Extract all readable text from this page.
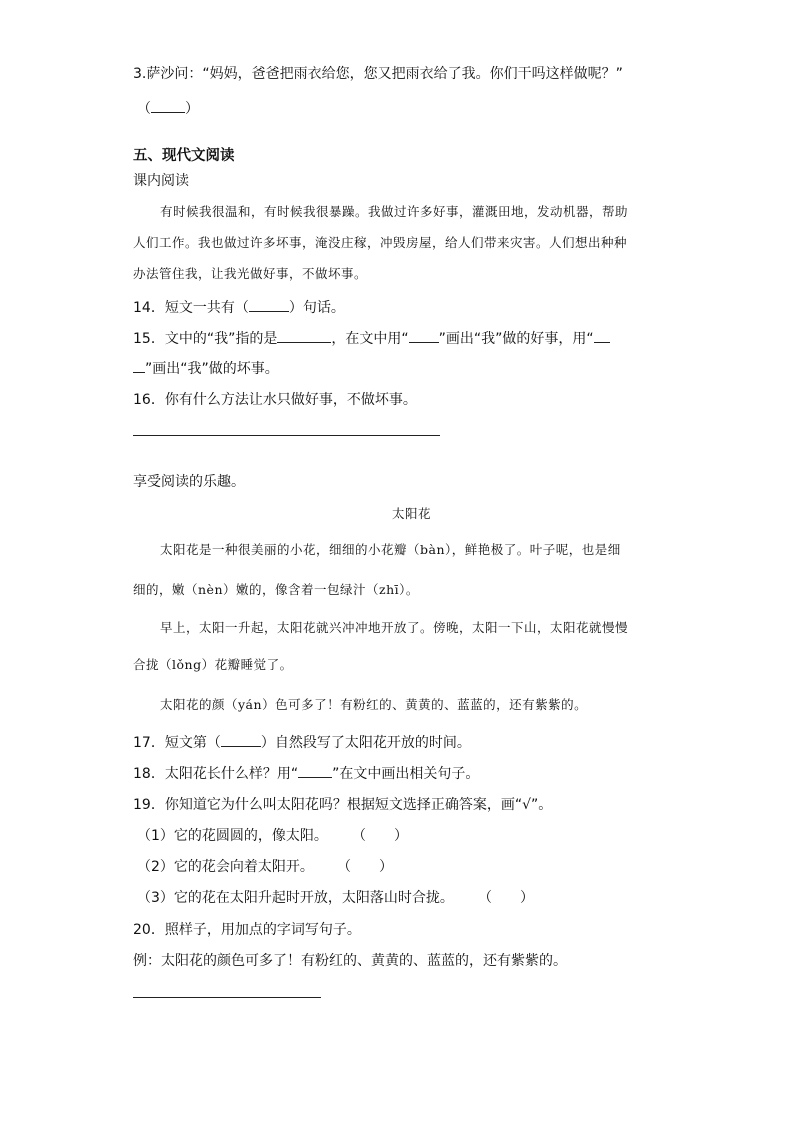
3.萨沙问：“妈妈，爸爸把雨衣给您，您又把雨衣给了我。你们干吗这样做呢？”
（ ）
五、现代文阅读
课内阅读
有时候我很温和，有时候我很暴躁。我做过许多好事，灌溉田地，发动机器，帮助
人们工作。我也做过许多坏事，淹没庄稼，冲毁房屋，给人们带来灾害。人们想出种种
办法管住我，让我光做好事，不做坏事。
14．短文一共有（	）句话。
15．文中的“我”指的是	，在文中用“ ”画出“我”做的好事，用“
”画出“我”做的坏事。
16．你有什么方法让水只做好事，不做坏事。
享受阅读的乐趣。
太阳花
太阳花是一种很美丽的小花，细细的小花瓣（bàn），鲜艳极了。叶子呢，也是细
细的，嫩（nèn）嫩的，像含着一包绿汁（zhī）。
早上，太阳一升起，太阳花就兴冲冲地开放了。傍晚，太阳一下山，太阳花就慢慢
合拢（lǒng）花瓣睡觉了。
太阳花的颜（yán）色可多了！有粉红的、黄黄的、蓝蓝的，还有紫紫的。
17．短文第（	）自然段写了太阳花开放的时间。
18．太阳花长什么样？用“ ”在文中画出相关句子。
19．你知道它为什么叫太阳花吗？根据短文选择正确答案，画“√”。
（1）它的花圆圆的，像太阳。 （　　）
（2）它的花会向着太阳开。 （　　）
（3）它的花在太阳升起时开放，太阳落山时合拢。 （　　）
20．照样子，用加点的字词写句子。
例：太阳花的颜色可多了！有粉红的、黄黄的、蓝蓝的，还有紫紫的。
